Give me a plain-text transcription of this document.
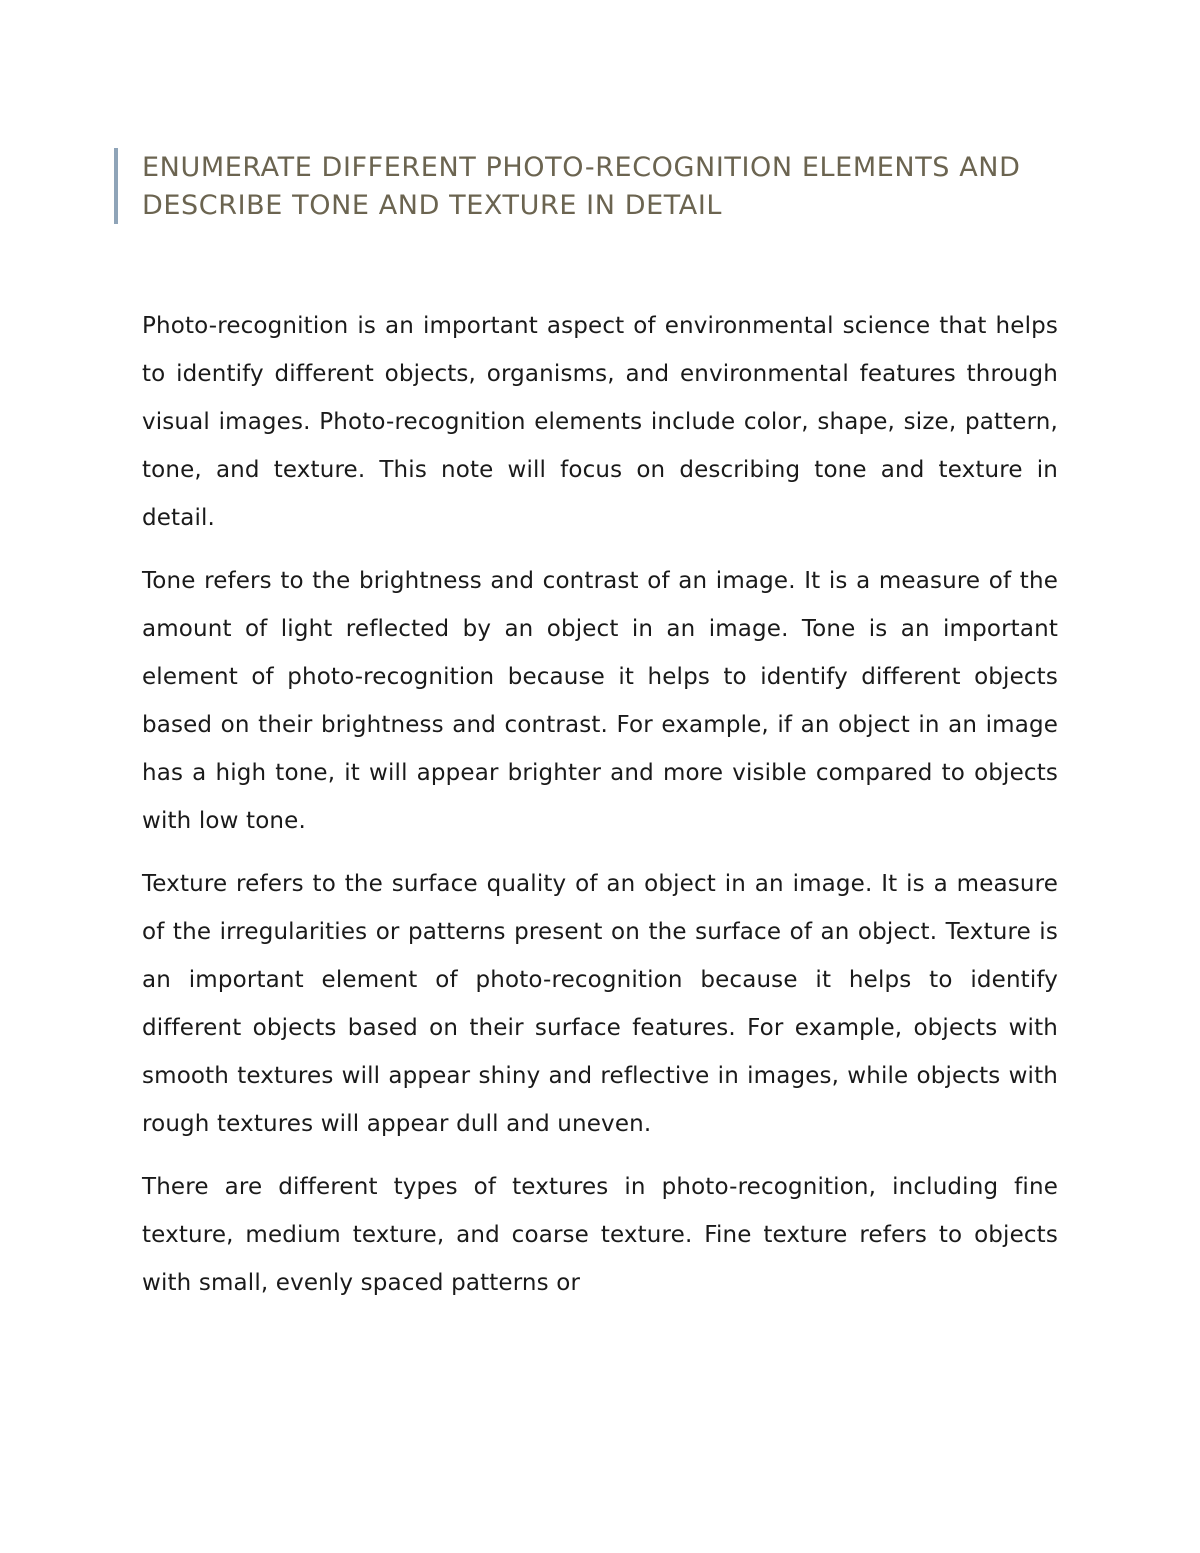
ENUMERATE DIFFERENT PHOTO-RECOGNITION ELEMENTS AND DESCRIBE TONE AND TEXTURE IN DETAIL

Photo-recognition is an important aspect of environmental science that helps to identify different objects, organisms, and environmental features through visual images. Photo-recognition elements include color, shape, size, pattern, tone, and texture. This note will focus on describing tone and texture in detail.

Tone refers to the brightness and contrast of an image. It is a measure of the amount of light reflected by an object in an image. Tone is an important element of photo-recognition because it helps to identify different objects based on their brightness and contrast. For example, if an object in an image has a high tone, it will appear brighter and more visible compared to objects with low tone.

Texture refers to the surface quality of an object in an image. It is a measure of the irregularities or patterns present on the surface of an object. Texture is an important element of photo-recognition because it helps to identify different objects based on their surface features. For example, objects with smooth textures will appear shiny and reflective in images, while objects with rough textures will appear dull and uneven.

There are different types of textures in photo-recognition, including fine texture, medium texture, and coarse texture. Fine texture refers to objects with small, evenly spaced patterns or
